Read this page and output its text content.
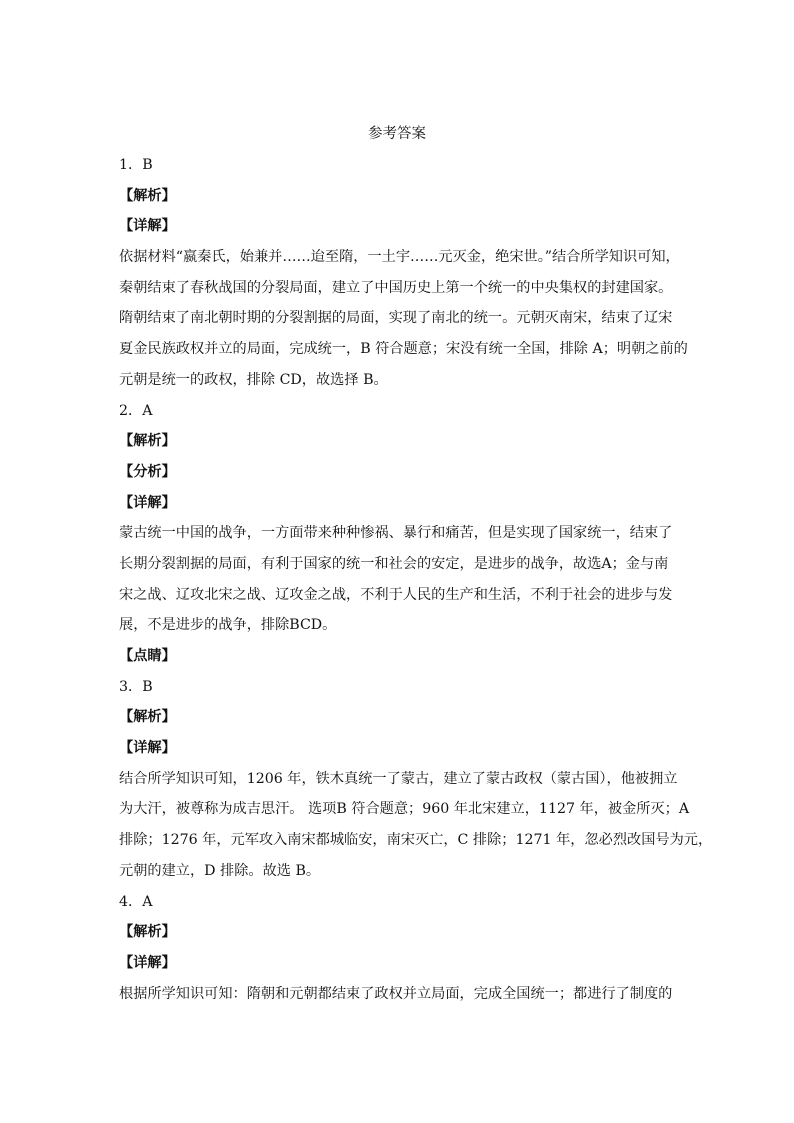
参考答案
1．B
【解析】
【详解】
依据材料“嬴秦氏，始兼并……迨至隋，一土宇……元灭金，绝宋世。”结合所学知识可知，
秦朝结束了春秋战国的分裂局面，建立了中国历史上第一个统一的中央集权的封建国家。
隋朝结束了南北朝时期的分裂割据的局面，实现了南北的统一。元朝灭南宋，结束了辽宋
夏金民族政权并立的局面，完成统一，B 符合题意；宋没有统一全国，排除 A；明朝之前的
元朝是统一的政权，排除 CD，故选择 B。
2．A
【解析】
【分析】
【详解】
蒙古统一中国的战争，一方面带来种种惨祸、暴行和痛苦，但是实现了国家统一，结束了
长期分裂割据的局面，有利于国家的统一和社会的安定，是进步的战争，故选A；金与南
宋之战、辽攻北宋之战、辽攻金之战，不利于人民的生产和生活，不利于社会的进步与发
展，不是进步的战争，排除BCD。
【点睛】
3．B
【解析】
【详解】
结合所学知识可知，1206 年，铁木真统一了蒙古，建立了蒙古政权（蒙古国），他被拥立
为大汗，被尊称为成吉思汗。 选项B 符合题意；960 年北宋建立，1127 年，被金所灭；A
排除；1276 年，元军攻入南宋都城临安，南宋灭亡，C 排除；1271 年，忽必烈改国号为元，
元朝的建立，D 排除。故选 B。
4．A
【解析】
【详解】
根据所学知识可知：隋朝和元朝都结束了政权并立局面，完成全国统一；都进行了制度的
